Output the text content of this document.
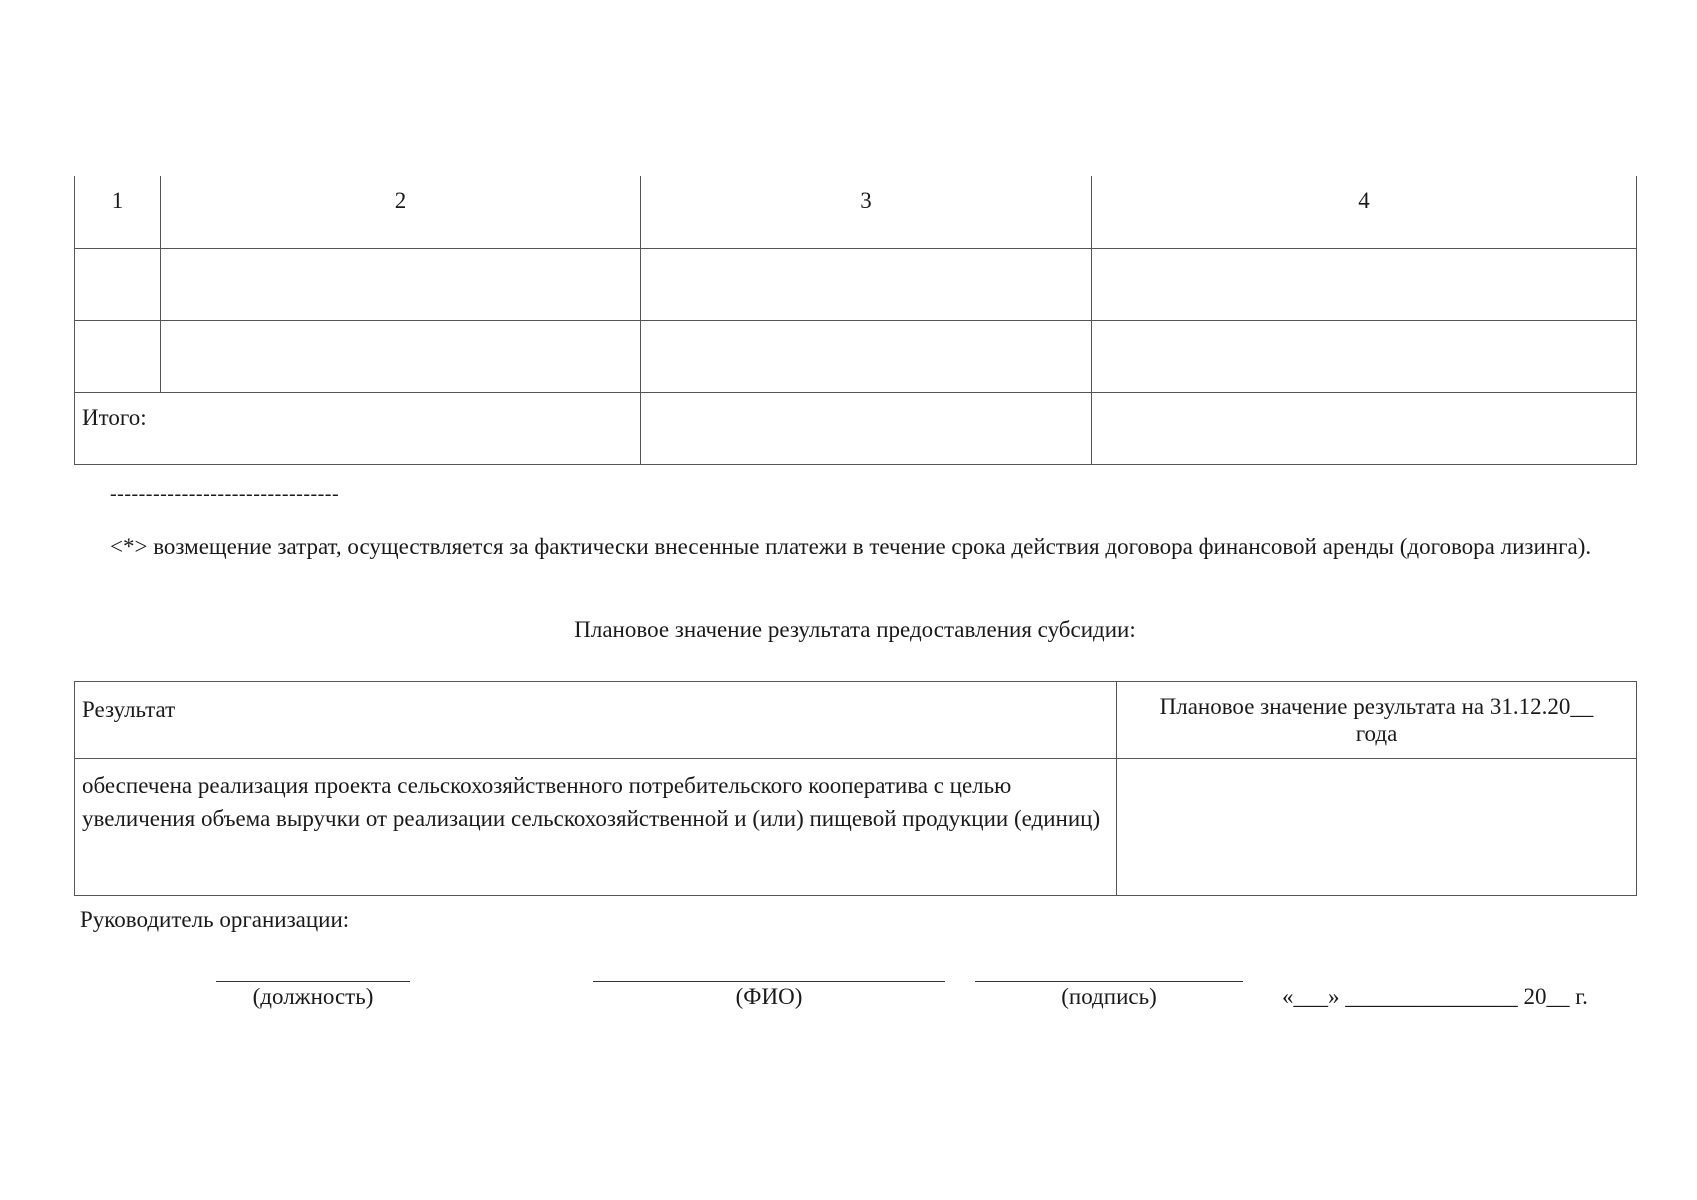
1	2	3	4

Итого:			
--------------------------------
<*> возмещение затрат, осуществляется за фактически внесенные платежи в течение срока действия договора финансовой аренды (договора лизинга).
Плановое значение результата предоставления субсидии:
Результат	Плановое значение результата на 31.12.20__ года
обеспечена реализация проекта сельскохозяйственного потребительского кооператива с целью увеличения объема выручки от реализации сельскохозяйственной и (или) пищевой продукции (единиц)	
Руководитель организации:
(должность)	(ФИО)	(подпись)	«___» _______________ 20__ г.
